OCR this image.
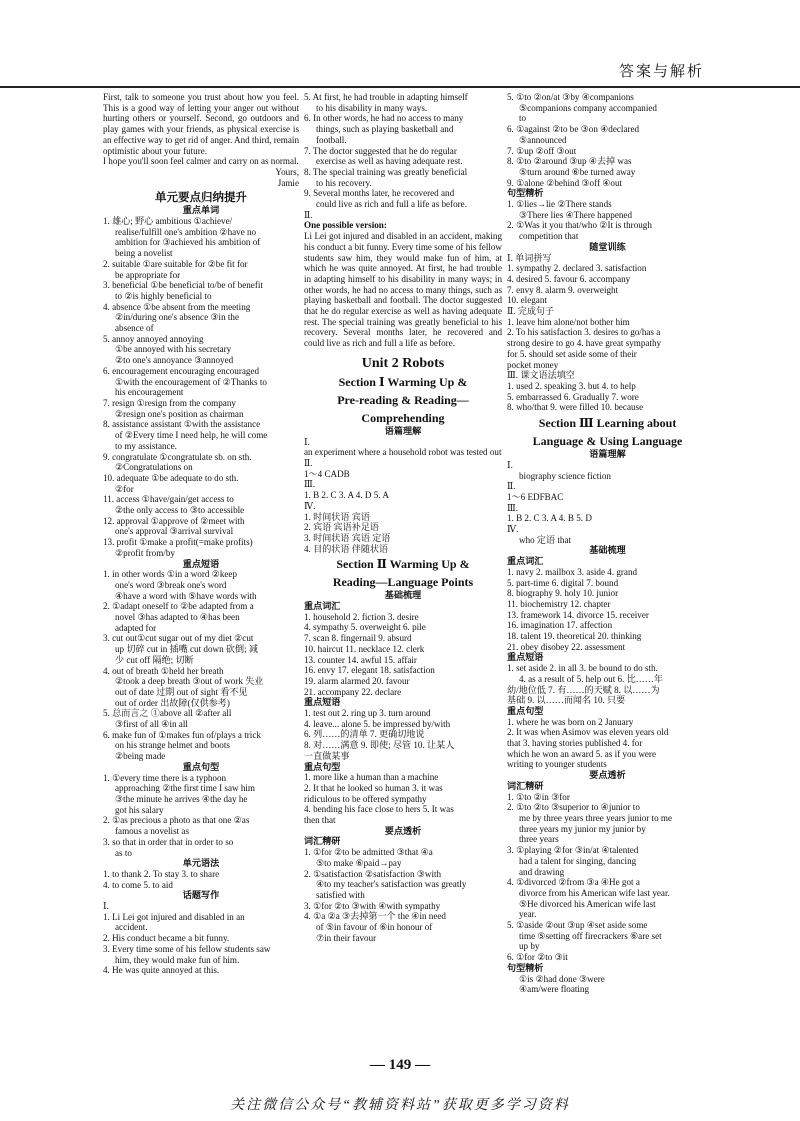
答案与解析
First, talk to someone you trust about how you feel. This is a good way of letting your anger out without hurting others or yourself. Second, go outdoors and play games with your friends, as physical exercise is an effective way to get rid of anger. And third, remain optimistic about your future.
I hope you'll soon feel calmer and carry on as normal.
Yours,
Jamie
单元要点归纳提升
重点单词
1. 雄心; 野心 ambitious ①achieve/
realise/fulfill one's ambition ②have no
ambition for ③achieved his ambition of
being a novelist
2. suitable ①are suitable for ②be fit for
be appropriate for
3. beneficial ①be beneficial to/be of benefit
to ②is highly beneficial to
4. absence ①be absent from the meeting
②in/during one's absence ③in the
absence of
5. annoy annoyed annoying
①be annoyed with his secretary
②to one's annoyance ③annoyed
6. encouragement encouraging encouraged
①with the encouragement of ②Thanks to
his encouragement
7. resign ①resign from the company
②resign one's position as chairman
8. assistance assistant ①with the assistance
of ②Every time I need help, he will come
to my assistance.
9. congratulate ①congratulate sb. on sth.
②Congratulations on
10. adequate ①be adequate to do sth.
②for
11. access ①have/gain/get access to
②the only access to ③to accessible
12. approval ①approve of ②meet with
one's approval ③arrival survival
13. profit ①make a profit(=make profits)
②profit from/by
重点短语
1. in other words ①in a word ②keep
one's word ③break one's word
④have a word with ⑤have words with
2. ①adapt oneself to ②be adapted from a
novel ③has adapted to ④has been
adapted for
3. cut out①cut sugar out of my diet ②cut
up 切碎 cut in 插嘴 cut down 砍倒; 减
少 cut off 隔绝; 切断
4. out of breath ①held her breath
②took a deep breath ③out of work 失业
out of date 过期 out of sight 看不见
out of order 出故障(仅供参考)
5. 总而言之 ①above all ②after all
③first of all ④in all
6. make fun of ①makes fun of/plays a trick
on his strange helmet and boots
②being made
重点句型
1. ①every time there is a typhoon
approaching ②the first time I saw him
③the minute he arrives ④the day he
got his salary
2. ①as precious a photo as that one ②as
famous a novelist as
3. so that in order that in order to so
as to
单元语法
1. to thank 2. To stay 3. to share
4. to come 5. to aid
话题写作
Ⅰ.
1. Li Lei got injured and disabled in an
accident.
2. His conduct became a bit funny.
3. Every time some of his fellow students saw
him, they would make fun of him.
4. He was quite annoyed at this.
5. At first, he had trouble in adapting himself
to his disability in many ways.
6. In other words, he had no access to many
things, such as playing basketball and
football.
7. The doctor suggested that he do regular
exercise as well as having adequate rest.
8. The special training was greatly beneficial
to his recovery.
9. Several months later, he recovered and
could live as rich and full a life as before.
Ⅱ.
One possible version:
Li Lei got injured and disabled in an accident, making his conduct a bit funny. Every time some of his fellow students saw him, they would make fun of him, at which he was quite annoyed. At first, he had trouble in adapting himself to his disability in many ways; in other words, he had no access to many things, such as playing basketball and football. The doctor suggested that he do regular exercise as well as having adequate rest. The special training was greatly beneficial to his recovery. Several months later, he recovered and could live as rich and full a life as before.
Unit 2 Robots
Section Ⅰ Warming Up &
Pre-reading & Reading—
Comprehending
语篇理解
Ⅰ.
an experiment where a household robot was tested out
Ⅱ.
1～4 CADB
Ⅲ.
1. B 2. C 3. A 4. D 5. A
Ⅳ.
1. 时间状语 宾语
2. 宾语 宾语补足语
3. 时间状语 宾语 定语
4. 目的状语 伴随状语
Section Ⅱ Warming Up &
Reading—Language Points
基础梳理
重点词汇
1. household 2. fiction 3. desire
4. sympathy 5. overweight 6. pile
7. scan 8. fingernail 9. absurd
10. haircut 11. necklace 12. clerk
13. counter 14. awful 15. affair
16. envy 17. elegant 18. satisfaction
19. alarm alarmed 20. favour
21. accompany 22. declare
重点短语
1. test out 2. ring up 3. turn around
4. leave... alone 5. be impressed by/with
6. 列……的清单 7. 更确切地说
8. 对……满意 9. 即使; 尽管 10. 让某人
一直做某事
重点句型
1. more like a human than a machine
2. It that he looked so human 3. it was
ridiculous to be offered sympathy
4. bending his face close to hers 5. It was
then that
要点透析
词汇精研
1. ①for ②to be admitted ③that ④a
⑤to make ⑥paid→pay
2. ①satisfaction ②satisfaction ③with
④to my teacher's satisfaction was greatly
satisfied with
3. ①for ②to ③with ④with sympathy
4. ①a ②a ③去掉第一个 the ④in need
of ⑤in favour of ⑥in honour of
⑦in their favour
5. ①to ②on/at ③by ④companions
⑤companions company accompanied
to
6. ①against ②to be ③on ④declared
⑤announced
7. ①up ②off ③out
8. ①to ②around ③up ④去掉 was
⑤turn around ⑥be turned away
9. ①alone ②behind ③off ④out
句型精析
1. ①lies→lie ②There stands
③There lies ④There happened
2. ①Was it you that/who ②It is through
competition that
随堂训练
Ⅰ. 单词拼写
1. sympathy 2. declared 3. satisfaction
4. desired 5. favour 6. accompany
7. envy 8. alarm 9. overweight
10. elegant
Ⅱ. 完成句子
1. leave him alone/not bother him
2. To his satisfaction 3. desires to go/has a
strong desire to go 4. have great sympathy
for 5. should set aside some of their
pocket money
Ⅲ. 课文语法填空
1. used 2. speaking 3. but 4. to help
5. embarrassed 6. Gradually 7. wore
8. who/that 9. were filled 10. because
Section Ⅲ Learning about
Language & Using Language
语篇理解
Ⅰ.
biography science fiction
Ⅱ.
1～6 EDFBAC
Ⅲ.
1. B 2. C 3. A 4. B 5. D
Ⅳ.
who 定语 that
基础梳理
重点词汇
1. navy 2. mailbox 3. aside 4. grand
5. part-time 6. digital 7. bound
8. biography 9. holy 10. junior
11. biochemistry 12. chapter
13. framework 14. divorce 15. receiver
16. imagination 17. affection
18. talent 19. theoretical 20. thinking
21. obey disobey 22. assessment
重点短语
1. set aside 2. in all 3. be bound to do sth.
4. as a result of 5. help out 6. 比……年
幼/地位低 7. 有……的天赋 8. 以……为
基础 9. 以……而闻名 10. 只要
重点句型
1. where he was born on 2 January
2. It was when Asimov was eleven years old
that 3. having stories published 4. for
which he won an award 5. as if you were
writing to younger students
要点透析
词汇精研
1. ①to ②in ③for
2. ①to ②to ③superior to ④junior to
me by three years three years junior to me
three years my junior my junior by
three years
3. ①playing ②for ③in/at ④talented
had a talent for singing, dancing
and drawing
4. ①divorced ②from ③a ④He got a
divorce from his American wife last year.
⑤He divorced his American wife last
year.
5. ①aside ②out ③up ④set aside some
time ⑤setting off firecrackers ⑥are set
up by
6. ①for ②to ③it
句型精析
①is ②had done ③were
④am/were floating
— 149 —
关注微信公众号“教辅资料站”获取更多学习资料
